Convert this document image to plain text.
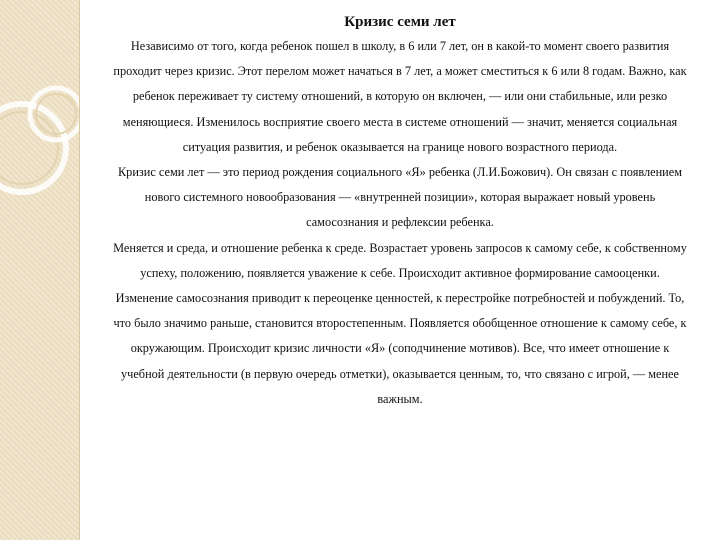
Кризис семи лет

Независимо от того, когда ребенок пошел в школу, в 6 или 7 лет, он в какой-то момент своего развития проходит через кризис. Этот перелом может начаться в 7 лет, а может сместиться к 6 или 8 годам. Важно, как ребенок переживает ту систему отношений, в которую он включен, — или они стабильные, или резко меняющиеся. Изменилось восприятие своего места в системе отношений — значит, меняется социальная ситуация развития, и ребенок оказывается на границе нового возрастного периода.

Кризис семи лет — это период рождения социального «Я» ребенка (Л.И.Божович). Он связан с появлением нового системного новообразования — «внутренней позиции», которая выражает новый уровень самосознания и рефлексии ребенка.

Меняется и среда, и отношение ребенка к среде. Возрастает уровень запросов к самому себе, к собственному успеху, положению, появляется уважение к себе. Происходит активное формирование самооценки.

Изменение самосознания приводит к переоценке ценностей, к перестройке потребностей и побуждений. То, что было значимо раньше, становится второстепенным. Появляется обобщенное отношение к самому себе, к окружающим. Происходит кризис личности «Я» (соподчинение мотивов). Все, что имеет отношение к учебной деятельности (в первую очередь отметки), оказывается ценным, то, что связано с игрой, — менее важным.
